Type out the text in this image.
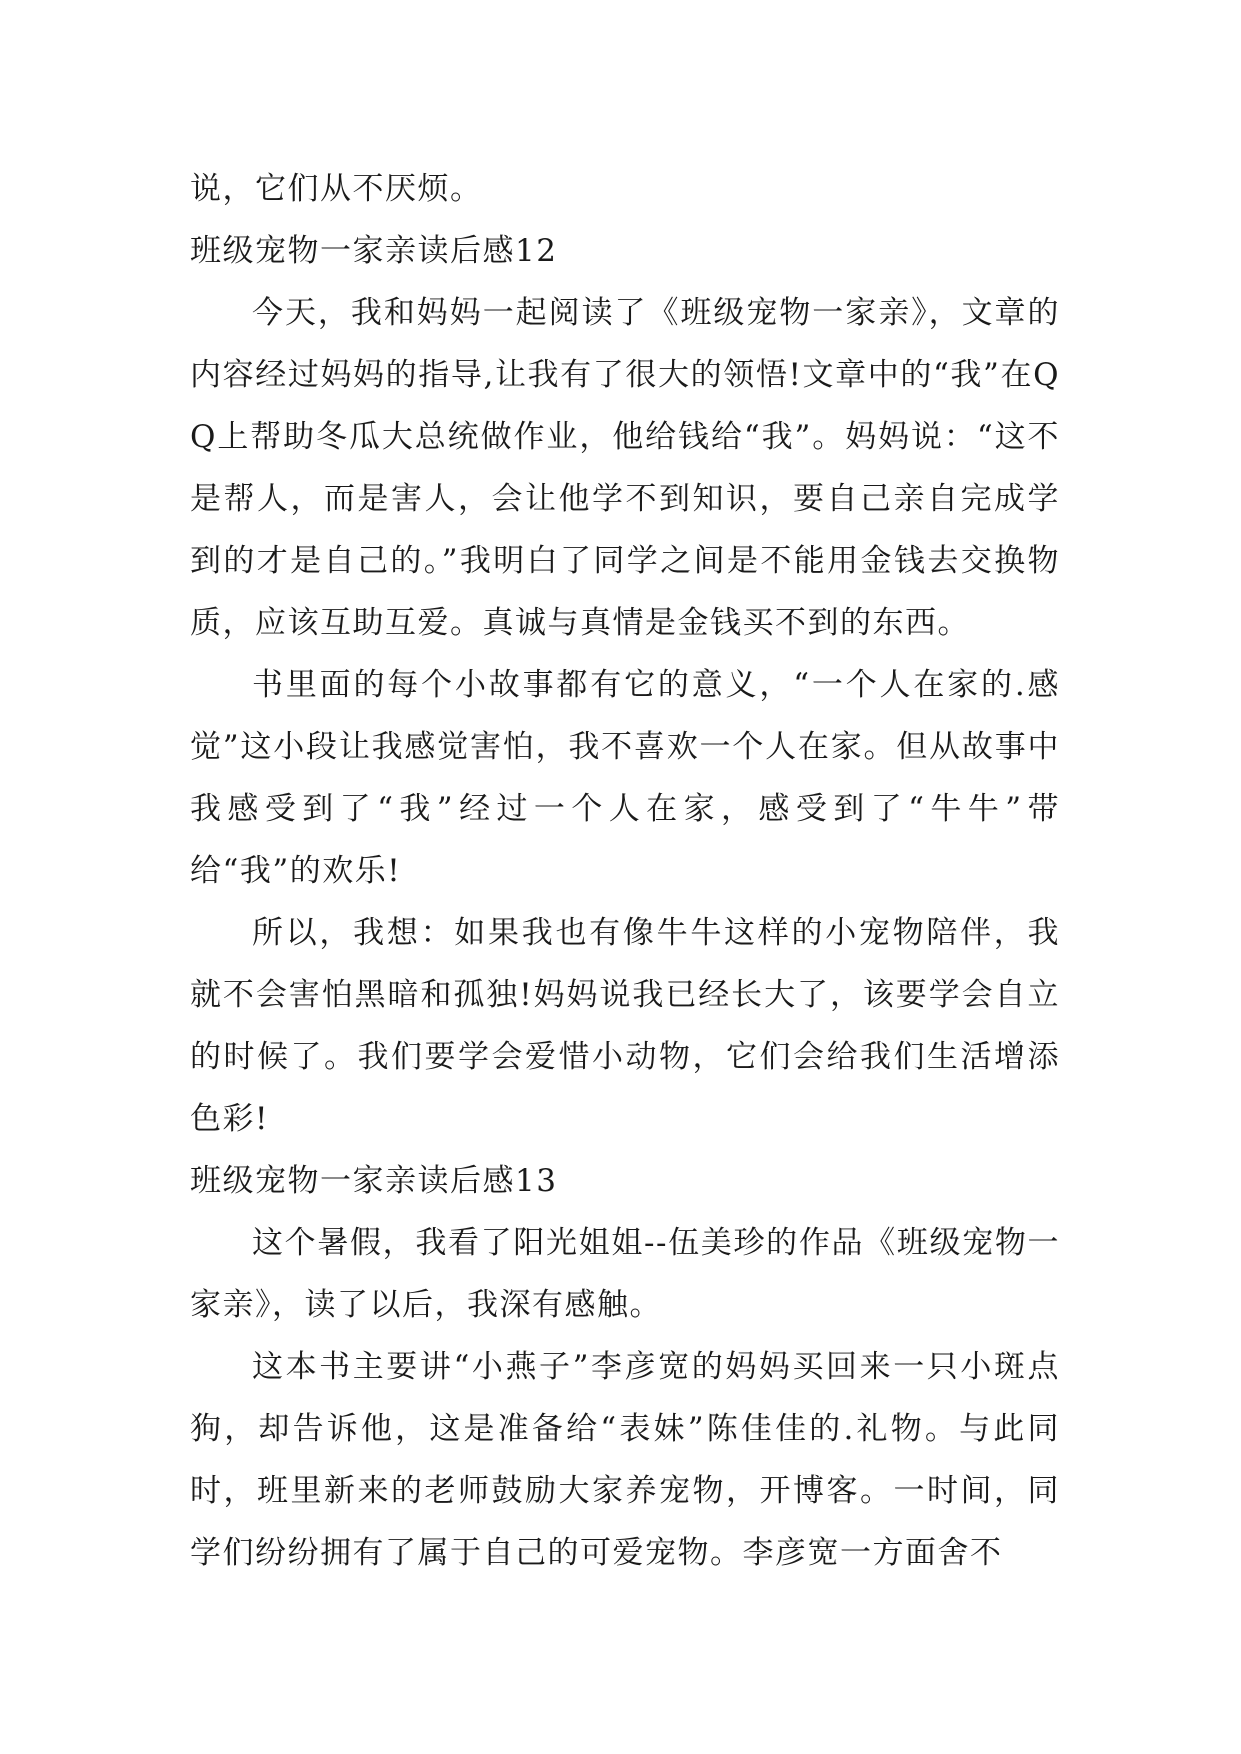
说，它们从不厌烦。

班级宠物一家亲读后感12

今天，我和妈妈一起阅读了《班级宠物一家亲》，文章的内容经过妈妈的指导,让我有了很大的领悟!文章中的“我”在QQ上帮助冬瓜大总统做作业，他给钱给“我”。妈妈说：“这不是帮人，而是害人，会让他学不到知识，要自己亲自完成学到的才是自己的。”我明白了同学之间是不能用金钱去交换物质，应该互助互爱。真诚与真情是金钱买不到的东西。

书里面的每个小故事都有它的意义，“一个人在家的.感觉”这小段让我感觉害怕，我不喜欢一个人在家。但从故事中我感受到了“我”经过一个人在家，感受到了“牛牛”带给“我”的欢乐!

所以，我想：如果我也有像牛牛这样的小宠物陪伴，我就不会害怕黑暗和孤独!妈妈说我已经长大了，该要学会自立的时候了。我们要学会爱惜小动物，它们会给我们生活增添色彩!

班级宠物一家亲读后感13

这个暑假，我看了阳光姐姐--伍美珍的作品《班级宠物一家亲》，读了以后，我深有感触。

这本书主要讲“小燕子”李彦宽的妈妈买回来一只小斑点狗，却告诉他，这是准备给“表妹”陈佳佳的.礼物。与此同时，班里新来的老师鼓励大家养宠物，开博客。一时间，同学们纷纷拥有了属于自己的可爱宠物。李彦宽一方面舍不
